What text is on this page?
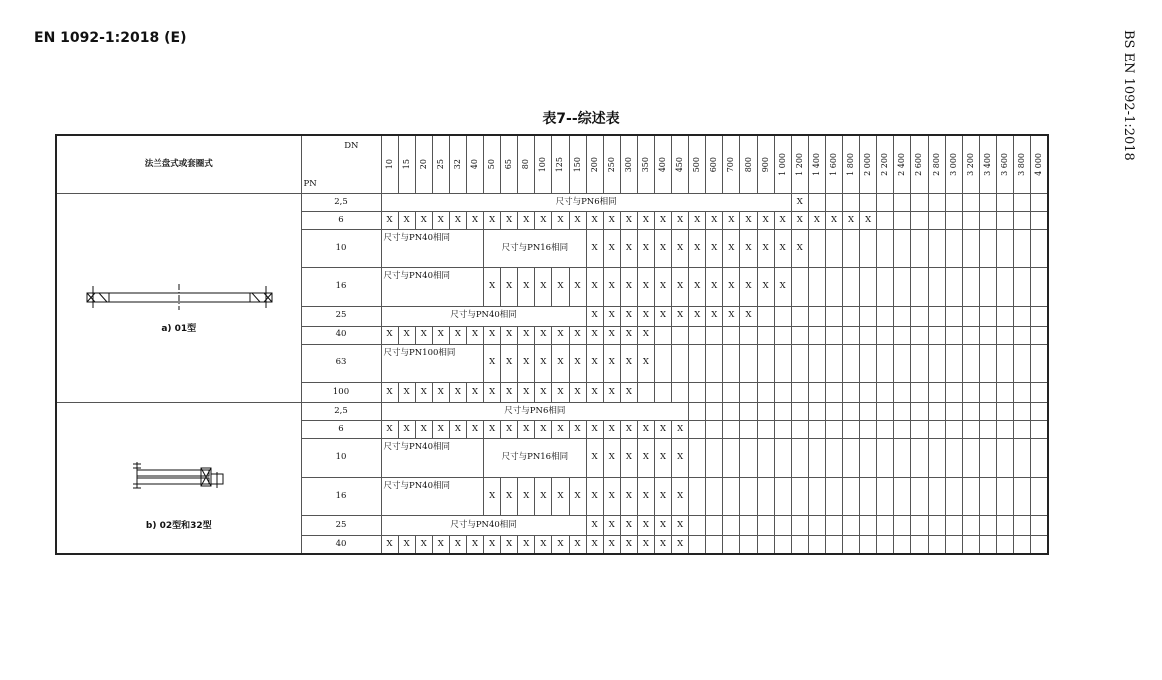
EN 1092-1:2018 (E)	BS EN 1092-1:2018
表7--综述表
法兰盘式或套圈式	DN
PN	10	15	20	25	32	40	50	65	80	100	125	150	200	250	300	350	400	450	500	600	700	800	900	1 000	1 200	1 400	1 600	1 800	2 000	2 200	2 400	2 600	2 800	3 000	3 200	3 400	3 600	3 800	4 000

a) 01型	2,5	尺寸与PN6相同																								X														
	6	X	X	X	X	X	X	X	X	X	X	X	X	X	X	X	X	X	X	X	X	X	X	X	X	X	X	X	X	X										
	10	尺寸与PN40相同						尺寸与PN16相同						X	X	X	X	X	X	X	X	X	X	X	X	X														
	16	尺寸与PN40相同						X	X	X	X	X	X	X	X	X	X	X	X	X	X	X	X	X	X															
	25	尺寸与PN40相同												X	X	X	X	X	X	X	X	X	X																	
	40	X	X	X	X	X	X	X	X	X	X	X	X	X	X	X	X																							
	63	尺寸与PN100相同						X	X	X	X	X	X	X	X	X	X																							
	100	X	X	X	X	X	X	X	X	X	X	X	X	X	X	X																								

b) 02型和32型	2,5	尺寸与PN6相同																																						
	6	X	X	X	X	X	X	X	X	X	X	X	X	X	X	X	X	X	X																					
	10	尺寸与PN40相同						尺寸与PN16相同						X	X	X	X	X	X																					
	16	尺寸与PN40相同						X	X	X	X	X	X	X	X	X	X	X	X																					
	25	尺寸与PN40相同												X	X	X	X	X	X																					
	40	X	X	X	X	X	X	X	X	X	X	X	X	X	X	X	X	X	X																					
